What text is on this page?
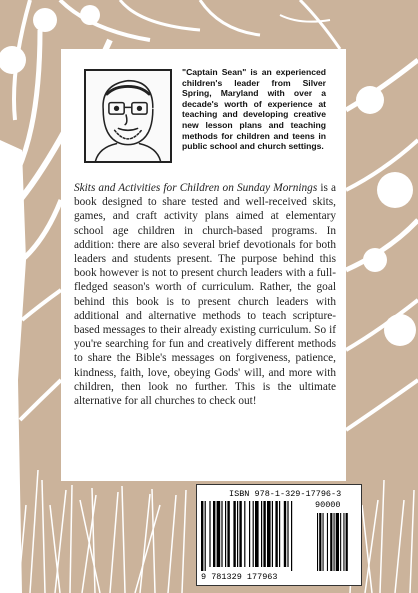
"Captain Sean" is an experienced children's leader from Silver Spring, Maryland with over a decade's worth of experience at teaching and developing creative new lesson plans and teaching methods for children and teens in public school and church settings.
Skits and Activities for Children on Sunday Mornings is a book designed to share tested and well-received skits, games, and craft activity plans aimed at elementary school age children in church-based programs. In addition: there are also several brief devotionals for both leaders and students present. The purpose behind this book however is not to present church leaders with a full-fledged season's worth of curriculum. Rather, the goal behind this book is to present church leaders with additional and alternative methods to teach scripture-based messages to their already existing curriculum. So if you're searching for fun and creatively different methods to share the Bible's messages on forgiveness, patience, kindness, faith, love, obeying Gods' will, and more with children, then look no further. This is the ultimate alternative for all churches to check out!
ISBN 978-1-329-17796-3
90000
9 781329 177963
